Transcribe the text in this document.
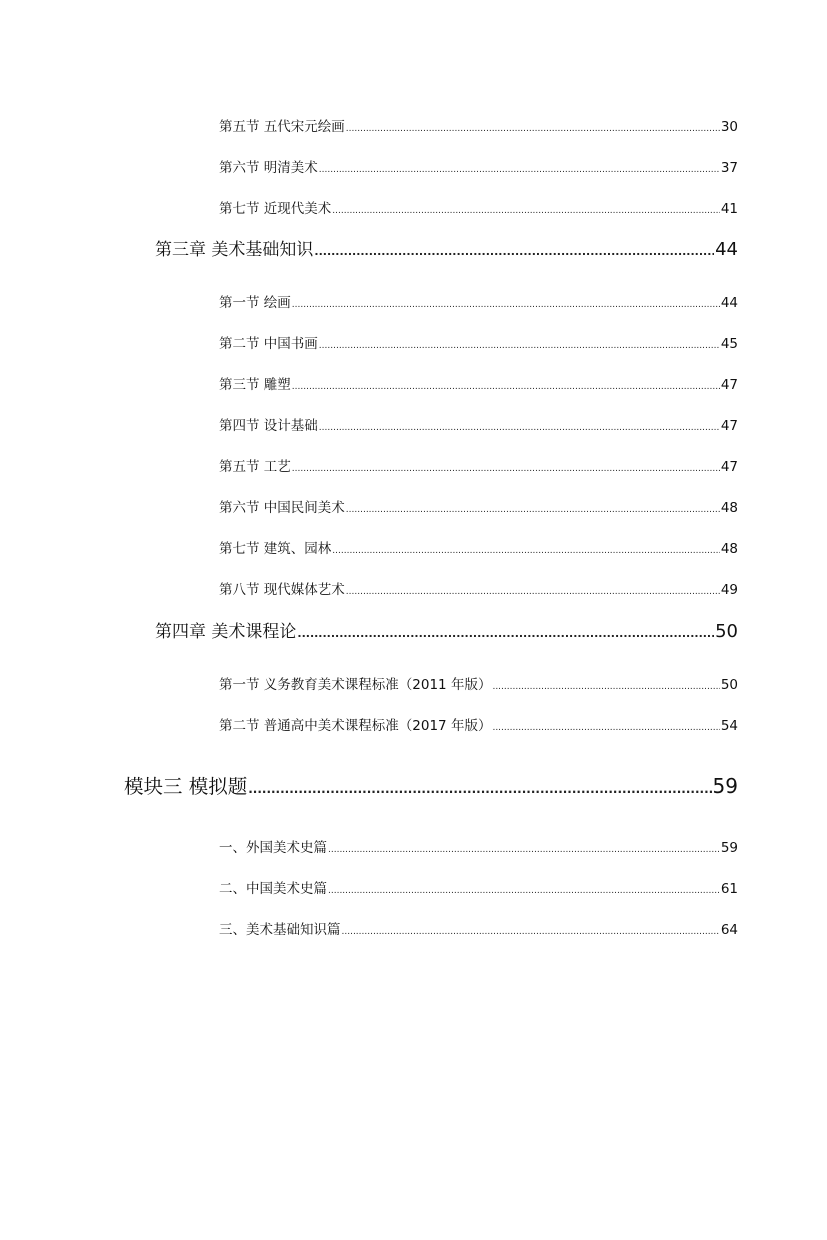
第五节 五代宋元绘画 .....	30
第六节 明清美术 .....	37
第七节 近现代美术 .....	41
第三章 美术基础知识 .....	44
第一节 绘画 .....	44
第二节 中国书画 .....	45
第三节 雕塑 .....	47
第四节 设计基础 .....	47
第五节 工艺 .....	47
第六节 中国民间美术 .....	48
第七节 建筑、园林 .....	48
第八节 现代媒体艺术 .....	49
第四章 美术课程论 .....	50
第一节 义务教育美术课程标准（2011 年版） .....	50
第二节 普通高中美术课程标准（2017 年版） .....	54
模块三 模拟题 .....	59
一、外国美术史篇 .....	59
二、中国美术史篇 .....	61
三、美术基础知识篇 .....	64
